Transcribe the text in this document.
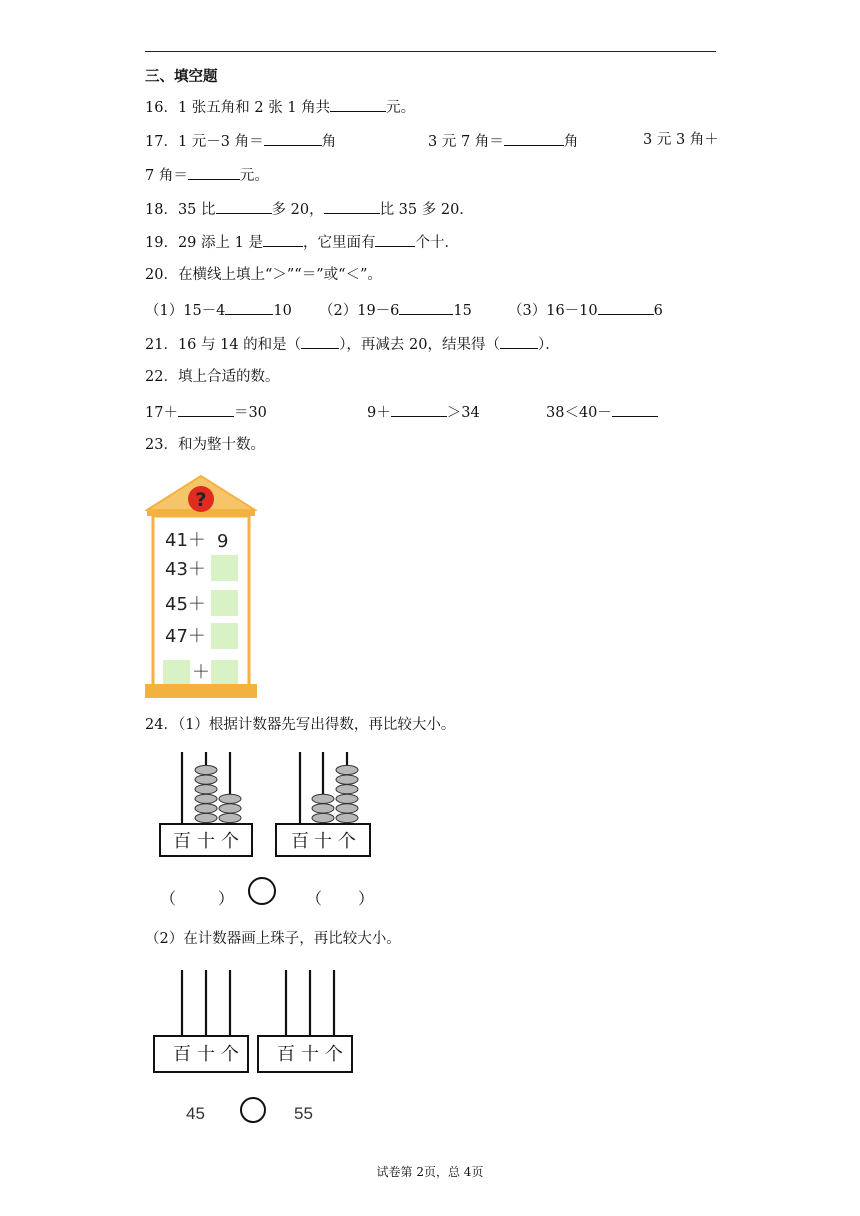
三、填空题
16．1 张五角和 2 张 1 角共	元。
17．1 元－3 角＝	角	3 元 7 角＝	角	3 元 3 角＋
7 角＝	元。
18．35 比	多 20，	比 35 多 20．
19．29 添上 1 是	，它里面有	个十．
20．在横线上填上“＞”“＝”或“＜”。
（1）15－4	10 （2）19－6	15 （3）16－10	6
21．16 与 14 的和是（	），再减去 20，结果得（	）．
22．填上合适的数。
17＋	＝30	9＋	＞34	38＜40－
23．和为整十数。
?
41＋ 9
43＋
45＋
47＋
＋
24．（1）根据计数器先写出得数，再比较大小。
百 十 个	百 十 个
（	）	（ ）
（2）在计数器画上珠子，再比较大小。
百 十 个 百 十 个
45	55
试卷第 2页，总 4页
